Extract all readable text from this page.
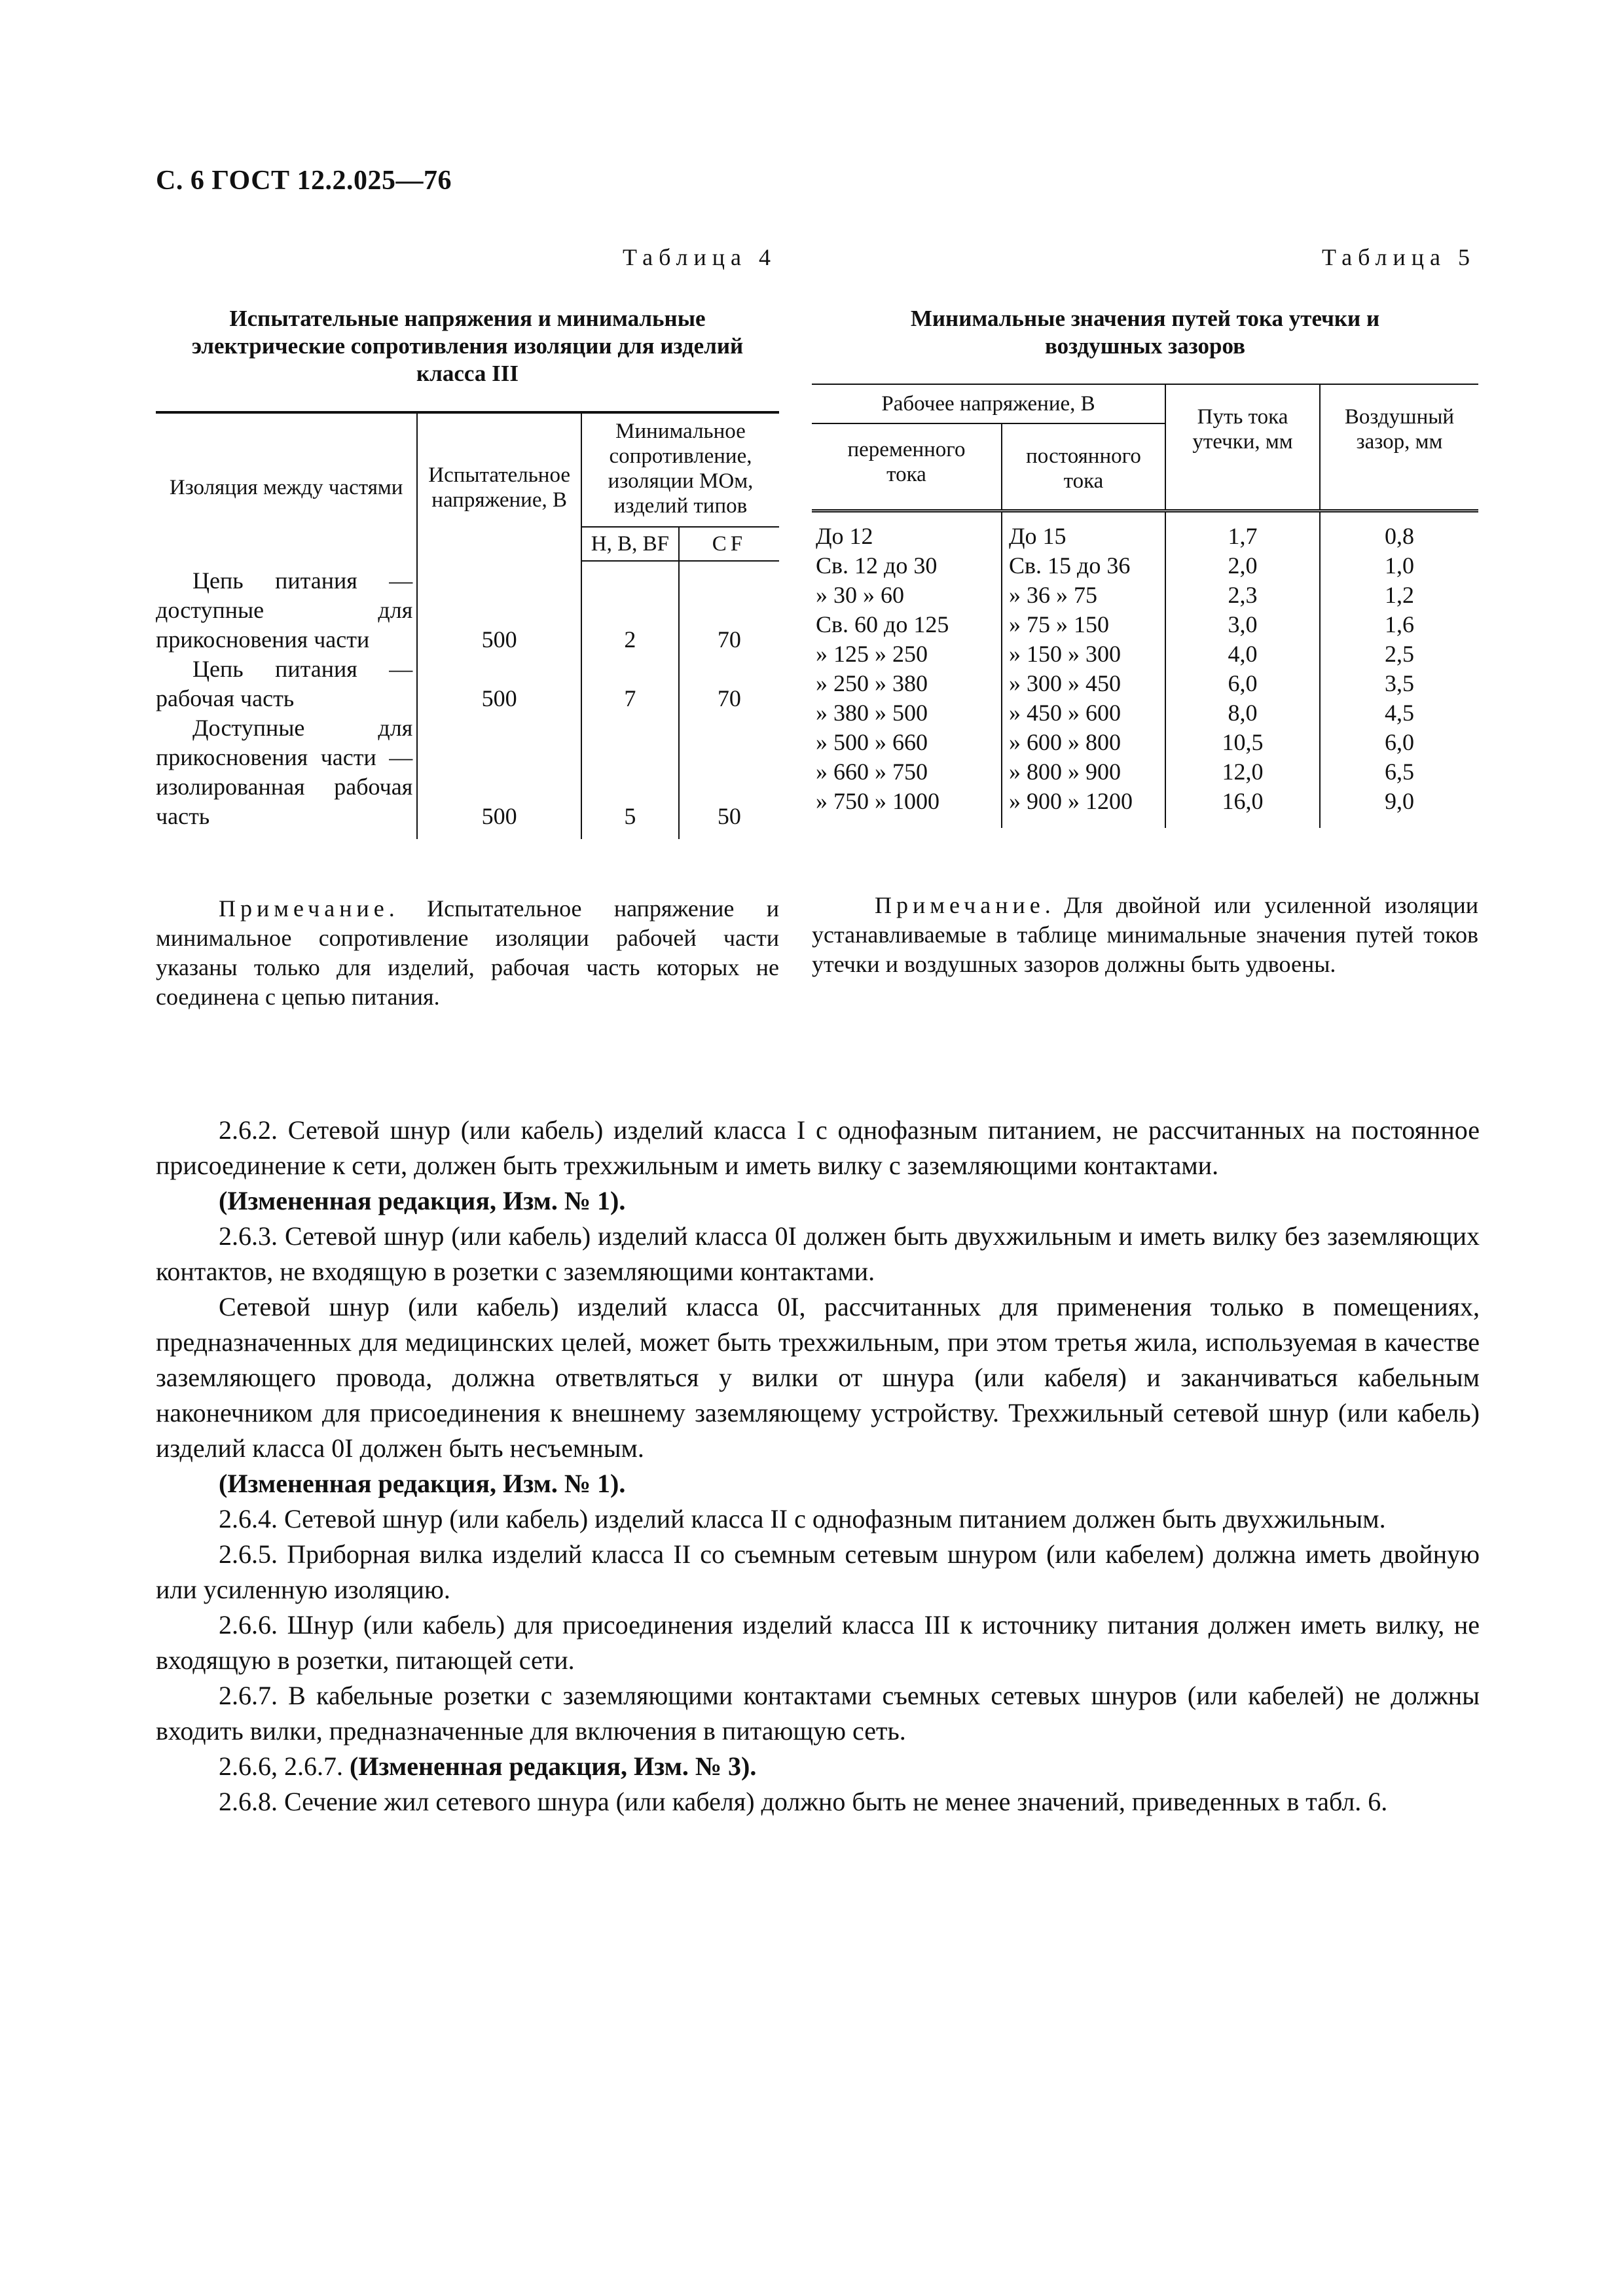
С. 6 ГОСТ 12.2.025—76
Таблица 4
Испытательные напряжения и минимальные электрические сопротивления изоляции для изделий класса III
Изоляция между частями	Испытательное напряжение, В	Минимальное сопротивление, изоляции МОм, изделий типов	
		Н, В, ВF	СF

Цепь питания — доступные для прикосновения части	500	2	70

Цепь питания — рабочая часть	500	7	70

Доступные для прикосновения части — изолированная рабочая часть	500	5	50
Примечание. Испытательное напряжение и минимальное сопротивление изоляции рабочей части указаны только для изделий, рабочая часть которых не соединена с цепью питания.
Таблица 5
Минимальные значения путей тока утечки и воздушных зазоров
Рабочее напряжение, В		Путь тока утечки, мм	Воздушный зазор, мм
переменного тока	постоянного тока		

До 12	До 15	1,7	0,8
Св. 12 до 30	Св. 15 до 36	2,0	1,0
» 30 » 60	» 36 » 75	2,3	1,2
Св. 60 до 125	» 75 » 150	3,0	1,6
» 125 » 250	» 150 » 300	4,0	2,5
» 250 » 380	» 300 » 450	6,0	3,5
» 380 » 500	» 450 » 600	8,0	4,5
» 500 » 660	» 600 » 800	10,5	6,0
» 660 » 750	» 800 » 900	12,0	6,5
» 750 » 1000	» 900 » 1200	16,0	9,0
Примечание. Для двойной или усиленной изоляции устанавливаемые в таблице минимальные значения путей токов утечки и воздушных зазоров должны быть удвоены.

2.6.2. Сетевой шнур (или кабель) изделий класса I с однофазным питанием, не рассчитанных на постоянное присоединение к сети, должен быть трехжильным и иметь вилку с заземляющими контактами.

(Измененная редакция, Изм. № 1).

2.6.3. Сетевой шнур (или кабель) изделий класса 0I должен быть двухжильным и иметь вилку без заземляющих контактов, не входящую в розетки с заземляющими контактами.

Сетевой шнур (или кабель) изделий класса 0I, рассчитанных для применения только в помещениях, предназначенных для медицинских целей, может быть трехжильным, при этом третья жила, используемая в качестве заземляющего провода, должна ответвляться у вилки от шнура (или кабеля) и заканчиваться кабельным наконечником для присоединения к внешнему заземляющему устройству. Трехжильный сетевой шнур (или кабель) изделий класса 0I должен быть несъемным.

(Измененная редакция, Изм. № 1).

2.6.4. Сетевой шнур (или кабель) изделий класса II с однофазным питанием должен быть двухжильным.

2.6.5. Приборная вилка изделий класса II со съемным сетевым шнуром (или кабелем) должна иметь двойную или усиленную изоляцию.

2.6.6. Шнур (или кабель) для присоединения изделий класса III к источнику питания должен иметь вилку, не входящую в розетки, питающей сети.

2.6.7. В кабельные розетки с заземляющими контактами съемных сетевых шнуров (или кабелей) не должны входить вилки, предназначенные для включения в питающую сеть.

2.6.6, 2.6.7. (Измененная редакция, Изм. № 3).

2.6.8. Сечение жил сетевого шнура (или кабеля) должно быть не менее значений, приведенных в табл. 6.
